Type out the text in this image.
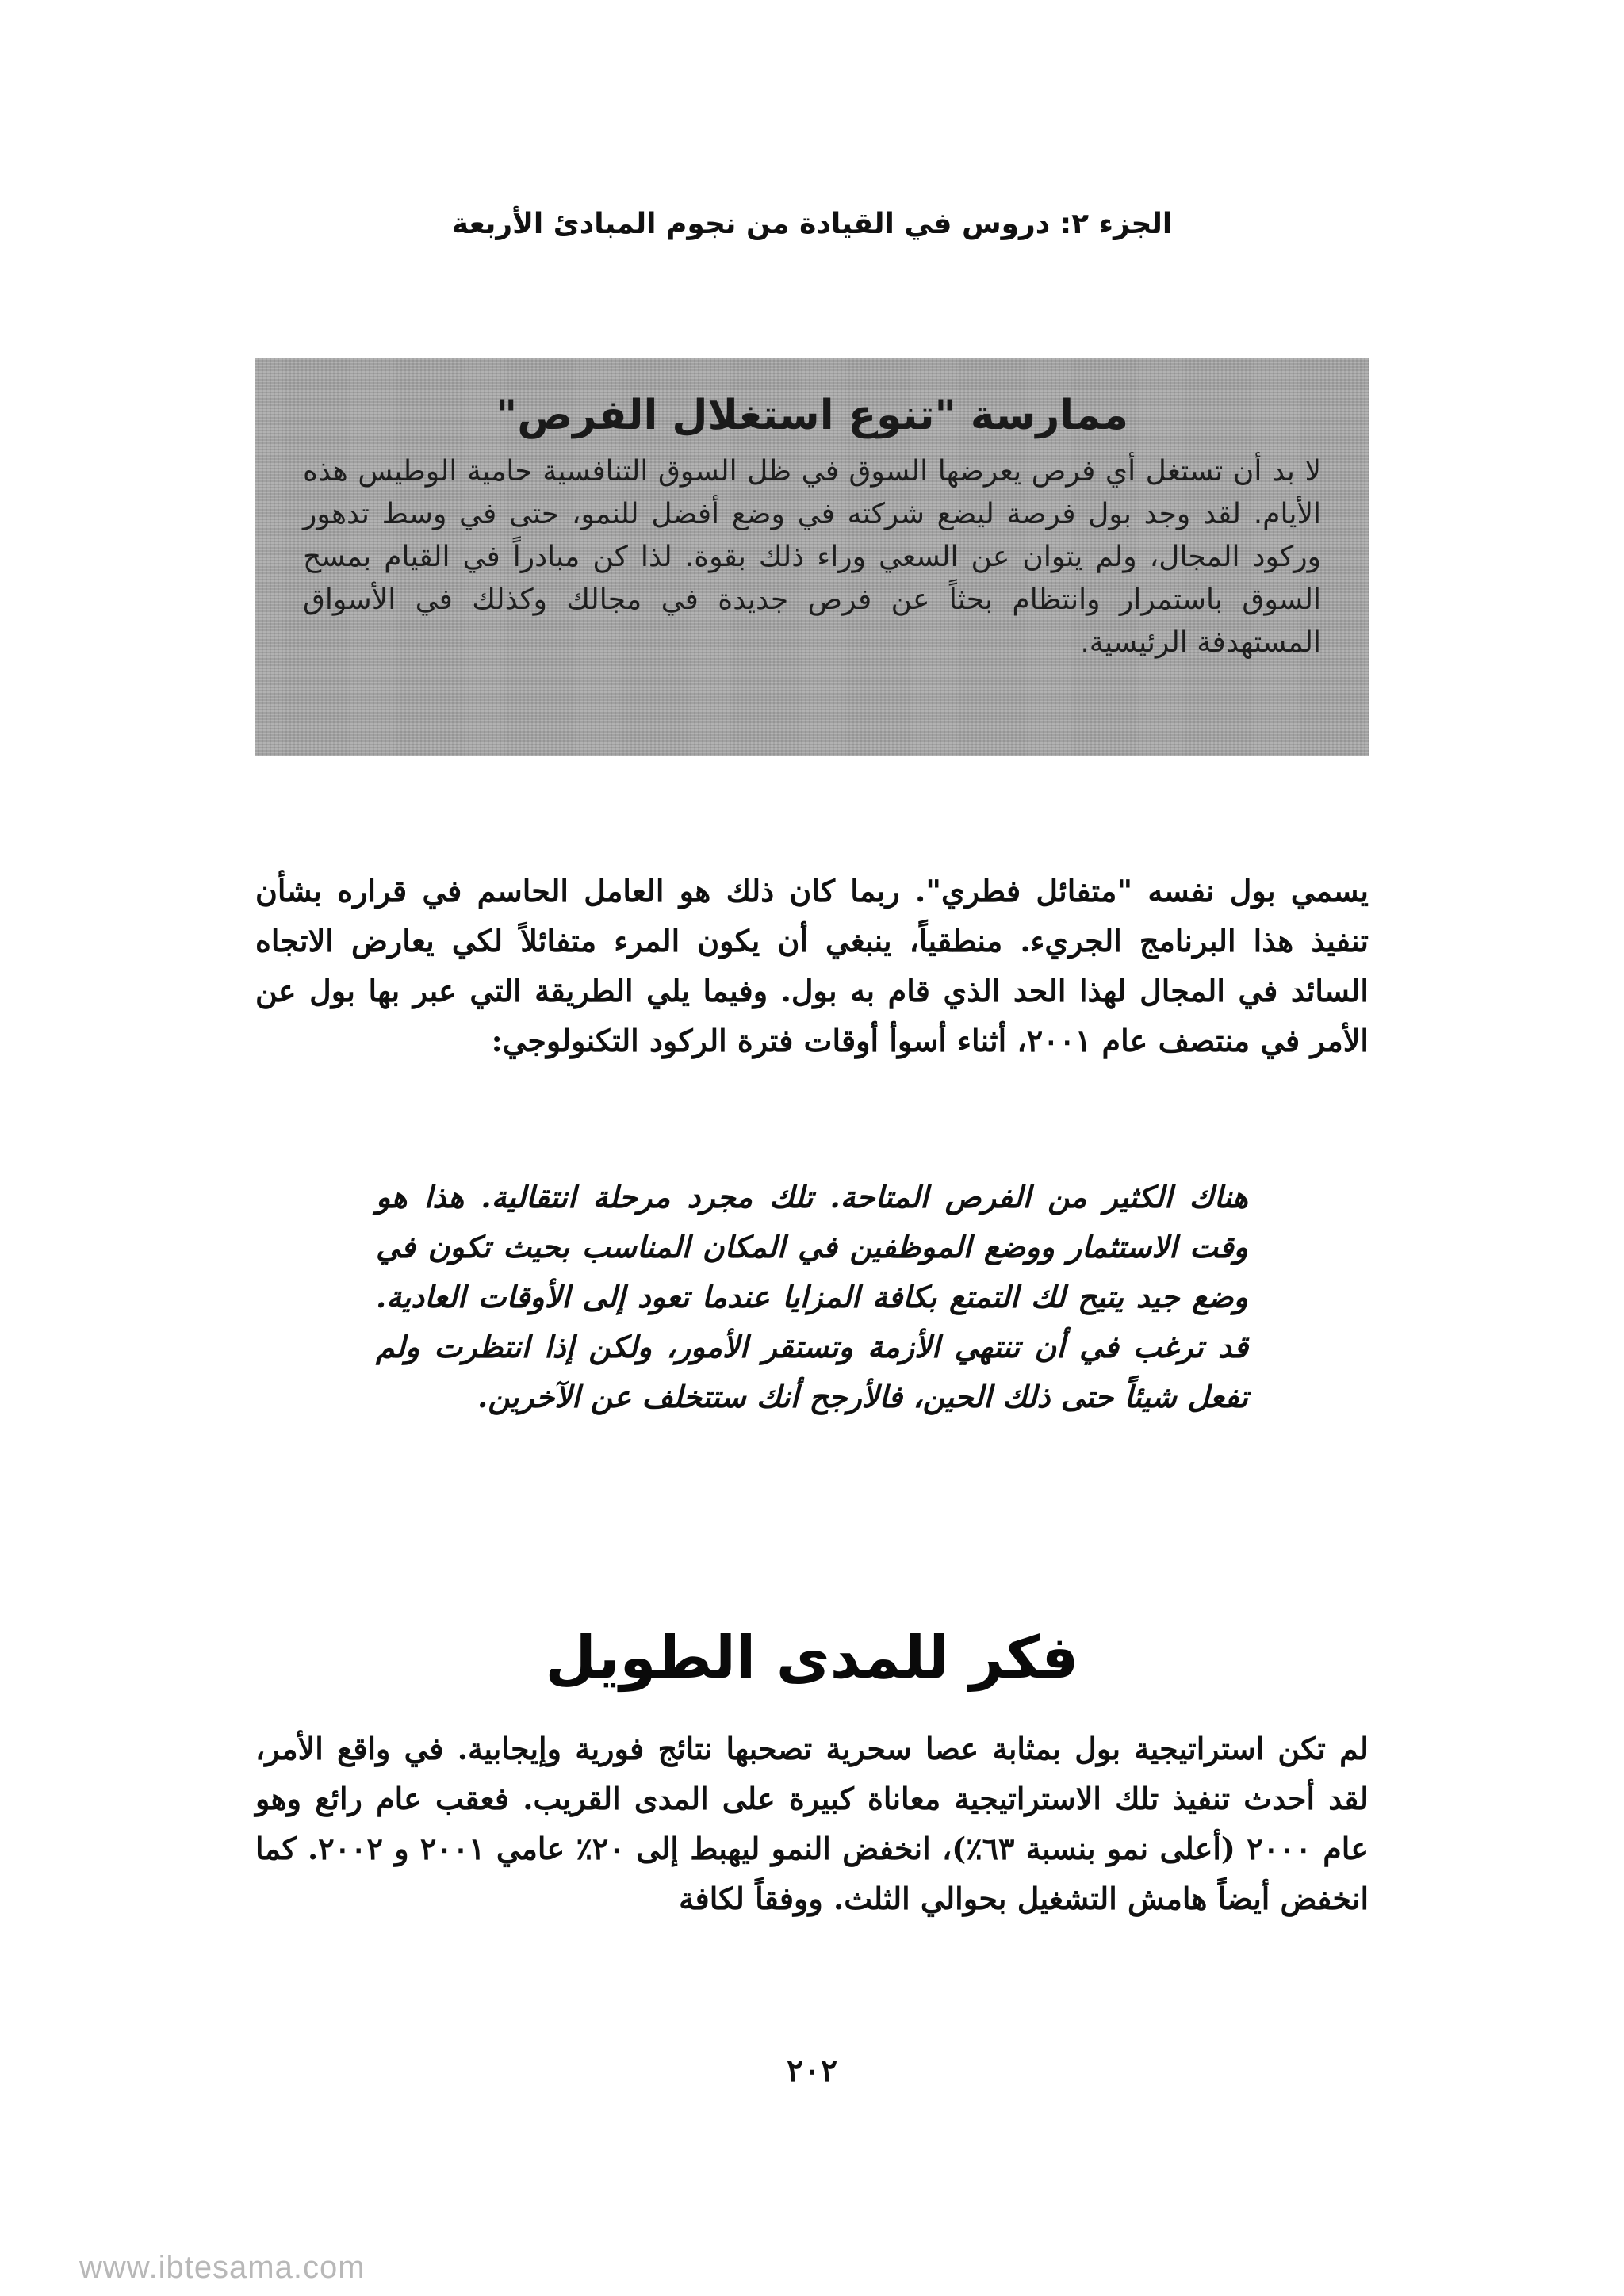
الجزء ٢: دروس في القيادة من نجوم المبادئ الأربعة
ممارسة "تنوع استغلال الفرص"
لا بد أن تستغل أي فرص يعرضها السوق في ظل السوق التنافسية حامية الوطيس هذه الأيام. لقد وجد بول فرصة ليضع شركته في وضع أفضل للنمو، حتى في وسط تدهور وركود المجال، ولم يتوان عن السعي وراء ذلك بقوة. لذا كن مبادراً في القيام بمسح السوق باستمرار وانتظام بحثاً عن فرص جديدة في مجالك وكذلك في الأسواق المستهدفة الرئيسية.
يسمي بول نفسه "متفائل فطري". ربما كان ذلك هو العامل الحاسم في قراره بشأن تنفيذ هذا البرنامج الجريء. منطقياً، ينبغي أن يكون المرء متفائلاً لكي يعارض الاتجاه السائد في المجال لهذا الحد الذي قام به بول. وفيما يلي الطريقة التي عبر بها بول عن الأمر في منتصف عام ٢٠٠١، أثناء أسوأ أوقات فترة الركود التكنولوجي:
هناك الكثير من الفرص المتاحة. تلك مجرد مرحلة انتقالية. هذا هو وقت الاستثمار ووضع الموظفين في المكان المناسب بحيث تكون في وضع جيد يتيح لك التمتع بكافة المزايا عندما تعود إلى الأوقات العادية. قد ترغب في أن تنتهي الأزمة وتستقر الأمور، ولكن إذا انتظرت ولم تفعل شيئاً حتى ذلك الحين، فالأرجح أنك ستتخلف عن الآخرين.
فكر للمدى الطويل
لم تكن استراتيجية بول بمثابة عصا سحرية تصحبها نتائج فورية وإيجابية. في واقع الأمر، لقد أحدث تنفيذ تلك الاستراتيجية معاناة كبيرة على المدى القريب. فعقب عام رائع وهو عام ٢٠٠٠ (أعلى نمو بنسبة ٦٣٪)، انخفض النمو ليهبط إلى ٢٠٪ عامي ٢٠٠١ و ٢٠٠٢. كما انخفض أيضاً هامش التشغيل بحوالي الثلث. ووفقاً لكافة
٢٠٢
www.ibtesama.com
